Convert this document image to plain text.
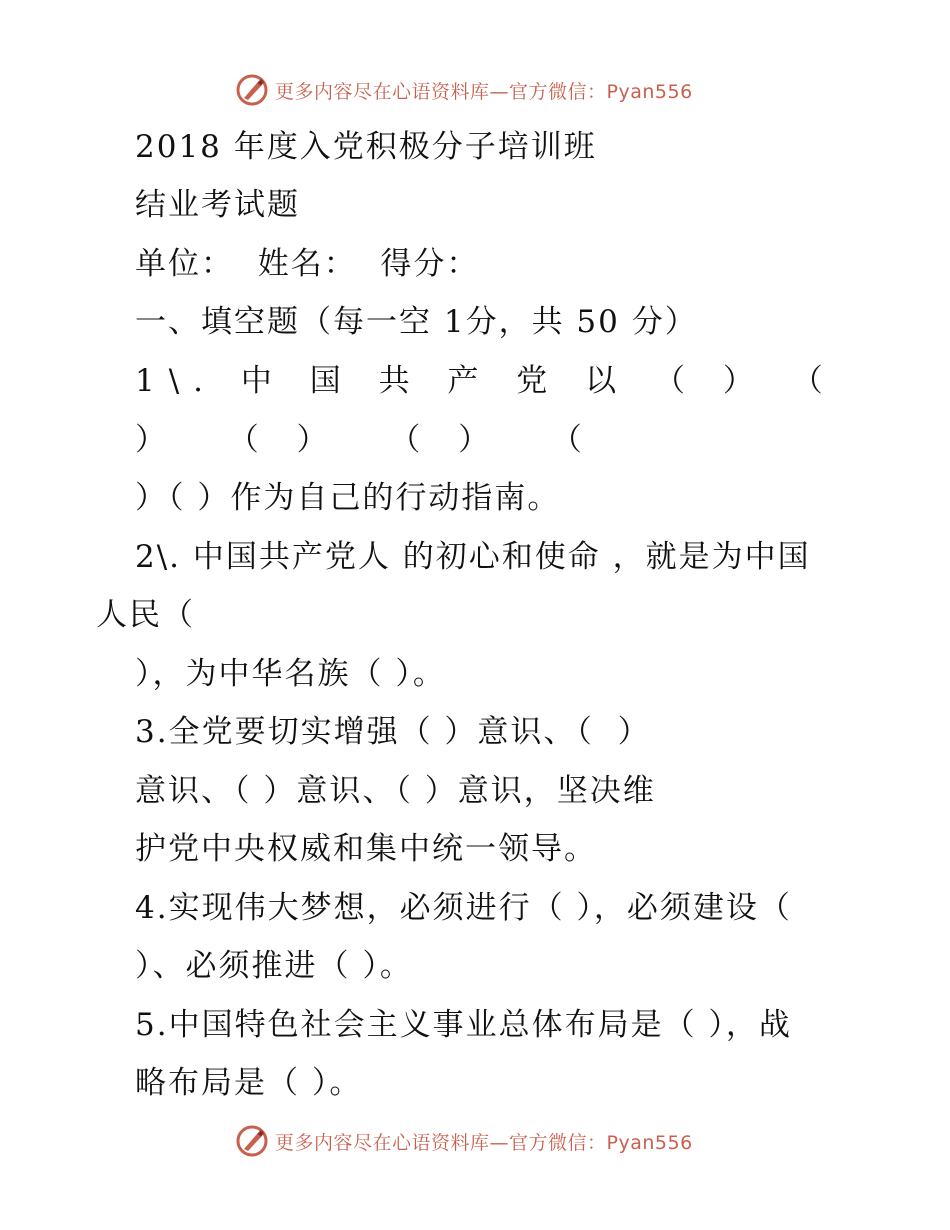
更多内容尽在心语资料库—官方微信：Pyan556
2018 年度入党积极分子培训班
结业考试题
单位：  姓名：  得分：
一、填空题（每一空 1分，共 50 分）
1\. 中 国 共 产 党 以 （ ） （
）  （ ）  （ ）  （
）（ ）作为自己的行动指南。
2\. 中国共产党人 的初心和使命 ，就是为中国
人民（
），为中华名族（ ）。
3.全党要切实增强（ ）意识、（  ）
意识、（ ）意识、（ ）意识，坚决维
护党中央权威和集中统一领导。
4.实现伟大梦想，必须进行（ ），必须建设（
）、必须推进（ ）。
5.中国特色社会主义事业总体布局是（ ），战
略布局是（ ）。
更多内容尽在心语资料库—官方微信：Pyan556
